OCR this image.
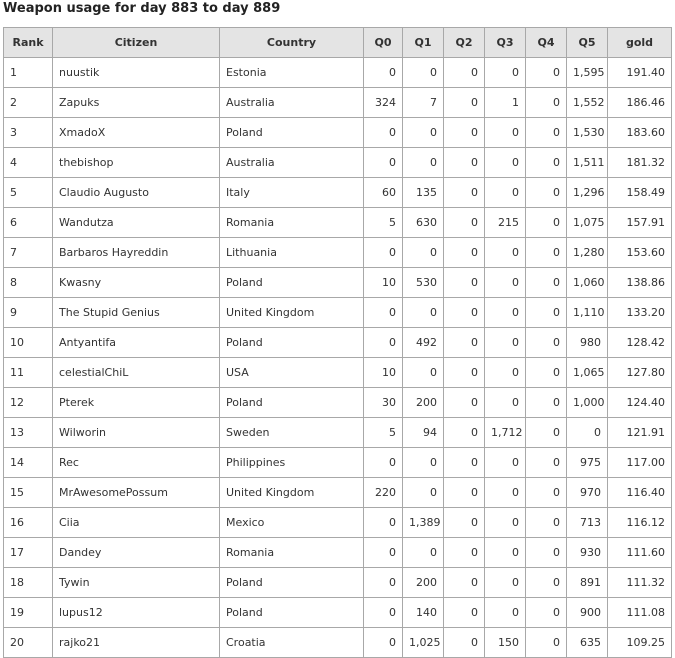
Weapon usage for day 883 to day 889
Rank	Citizen	Country	Q0	Q1	Q2	Q3	Q4	Q5	gold
1	nuustik	Estonia	0	0	0	0	0	1,595	191.40
2	Zapuks	Australia	324	7	0	1	0	1,552	186.46
3	XmadoX	Poland	0	0	0	0	0	1,530	183.60
4	thebishop	Australia	0	0	0	0	0	1,511	181.32
5	Claudio Augusto	Italy	60	135	0	0	0	1,296	158.49
6	Wandutza	Romania	5	630	0	215	0	1,075	157.91
7	Barbaros Hayreddin	Lithuania	0	0	0	0	0	1,280	153.60
8	Kwasny	Poland	10	530	0	0	0	1,060	138.86
9	The Stupid Genius	United Kingdom	0	0	0	0	0	1,110	133.20
10	Antyantifa	Poland	0	492	0	0	0	980	128.42
11	celestialChiL	USA	10	0	0	0	0	1,065	127.80
12	Pterek	Poland	30	200	0	0	0	1,000	124.40
13	Wilworin	Sweden	5	94	0	1,712	0	0	121.91
14	Rec	Philippines	0	0	0	0	0	975	117.00
15	MrAwesomePossum	United Kingdom	220	0	0	0	0	970	116.40
16	Ciia	Mexico	0	1,389	0	0	0	713	116.12
17	Dandey	Romania	0	0	0	0	0	930	111.60
18	Tywin	Poland	0	200	0	0	0	891	111.32
19	lupus12	Poland	0	140	0	0	0	900	111.08
20	rajko21	Croatia	0	1,025	0	150	0	635	109.25
